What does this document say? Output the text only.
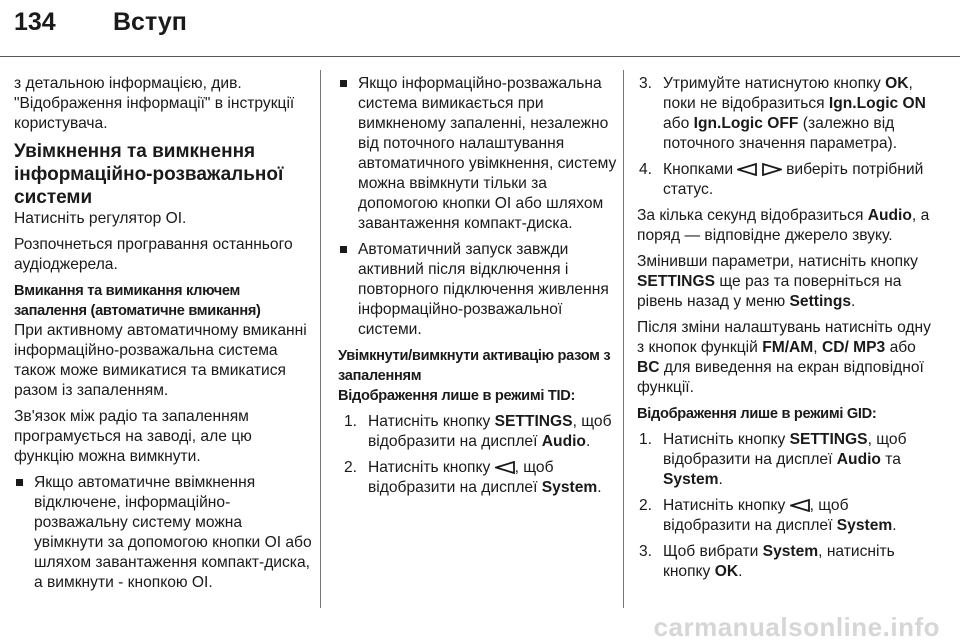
134 Вступ

з детальною інформацією, див. "Відображення інформації" в інструкції користувача.

Увімкнення та вимкнення інформаційно-розважальної системи

Натисніть регулятор ОІ.

Розпочнеться програвання останнього аудіоджерела.

Вмикання та вимикання ключем запалення (автоматичне вмикання)

При активному автоматичному вмиканні інформаційно-розважальна система також може вимикатися та вмикатися разом із запаленням.

Зв'язок між радіо та запаленням програмується на заводі, але цю функцію можна вимкнути.

Якщо автоматичне ввімкнення відключене, інформаційно-розважальну систему можна увімкнути за допомогою кнопки ОІ або шляхом завантаження компакт-диска, а вимкнути - кнопкою ОІ.
Якщо інформаційно-розважальна система вимикається при вимкненому запаленні, незалежно від поточного налаштування автоматичного увімкнення, систему можна ввімкнути тільки за допомогою кнопки ОІ або шляхом завантаження компакт-диска.
Автоматичний запуск завжди активний після відключення і повторного підключення живлення інформаційно-розважальної системи.
Увімкнути/вимкнути активацію разом з запаленням
Відображення лише в режимі TID:
1. Натисніть кнопку SETTINGS, щоб відобразити на дисплеї Audio.
2. Натисніть кнопку , щоб відобразити на дисплеї System.
3. Утримуйте натиснутою кнопку OK, поки не відобразиться Ign.Logic ON або Ign.Logic OFF (залежно від поточного значення параметра).
4. Кнопками	виберіть потрібний статус.

За кілька секунд відобразиться Audio, а поряд — відповідне джерело звуку.

Змінивши параметри, натисніть кнопку SETTINGS ще раз та поверніться на рівень назад у меню Settings.

Після зміни налаштувань натисніть одну з кнопок функцій FM/AM, CD/ MP3 або BC для виведення на екран відповідної функції.

Відображення лише в режимі GID:
1. Натисніть кнопку SETTINGS, щоб відобразити на дисплеї Audio та System.
2. Натисніть кнопку , щоб відобразити на дисплеї System.
3. Щоб вибрати System, натисніть кнопку OK.
carmanualsonline.info
